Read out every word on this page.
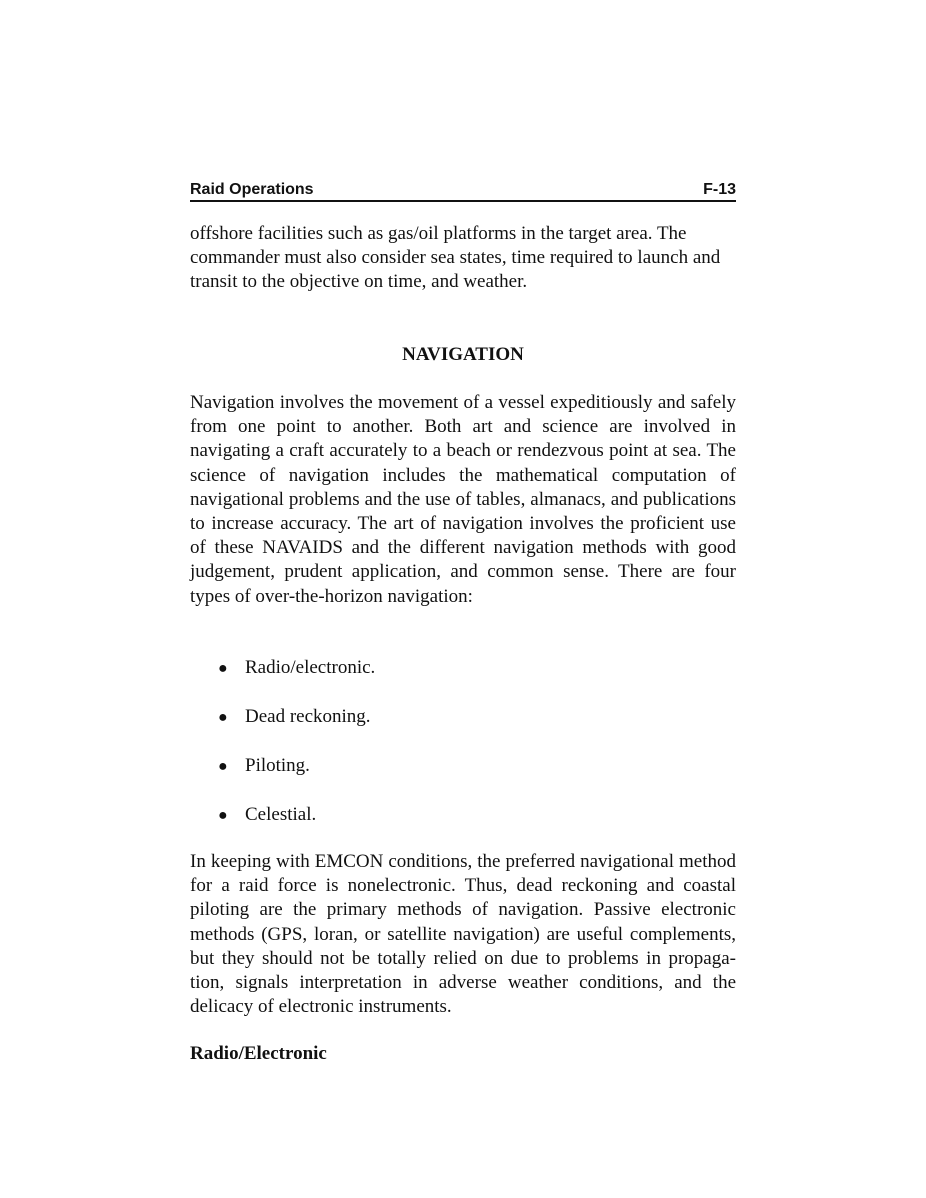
Raid Operations	F-13

offshore facilities such as gas/oil platforms in the target area. The commander must also consider sea states, time required to launch and transit to the objective on time, and weather.

NAVIGATION

Navigation involves the movement of a vessel expeditiously and safely from one point to another. Both art and science are involved in navigating a craft accurately to a beach or rendezvous point at sea. The science of navigation includes the mathematical computation of navigational problems and the use of tables, almanacs, and publications to increase accuracy. The art of navigation involves the proficient use of these NAVAIDS and the different navigation methods with good judgement, prudent application, and common sense. There are four types of over-the-horizon navigation:

● Radio/electronic.
● Dead reckoning.
● Piloting.
● Celestial.

In keeping with EMCON conditions, the preferred navigational method for a raid force is nonelectronic. Thus, dead reckoning and coastal piloting are the primary methods of navigation. Passive electronic methods (GPS, loran, or satellite navigation) are useful complements, but they should not be totally relied on due to problems in propaga-tion, signals interpretation in adverse weather conditions, and the delicacy of electronic instruments.

Radio/Electronic
